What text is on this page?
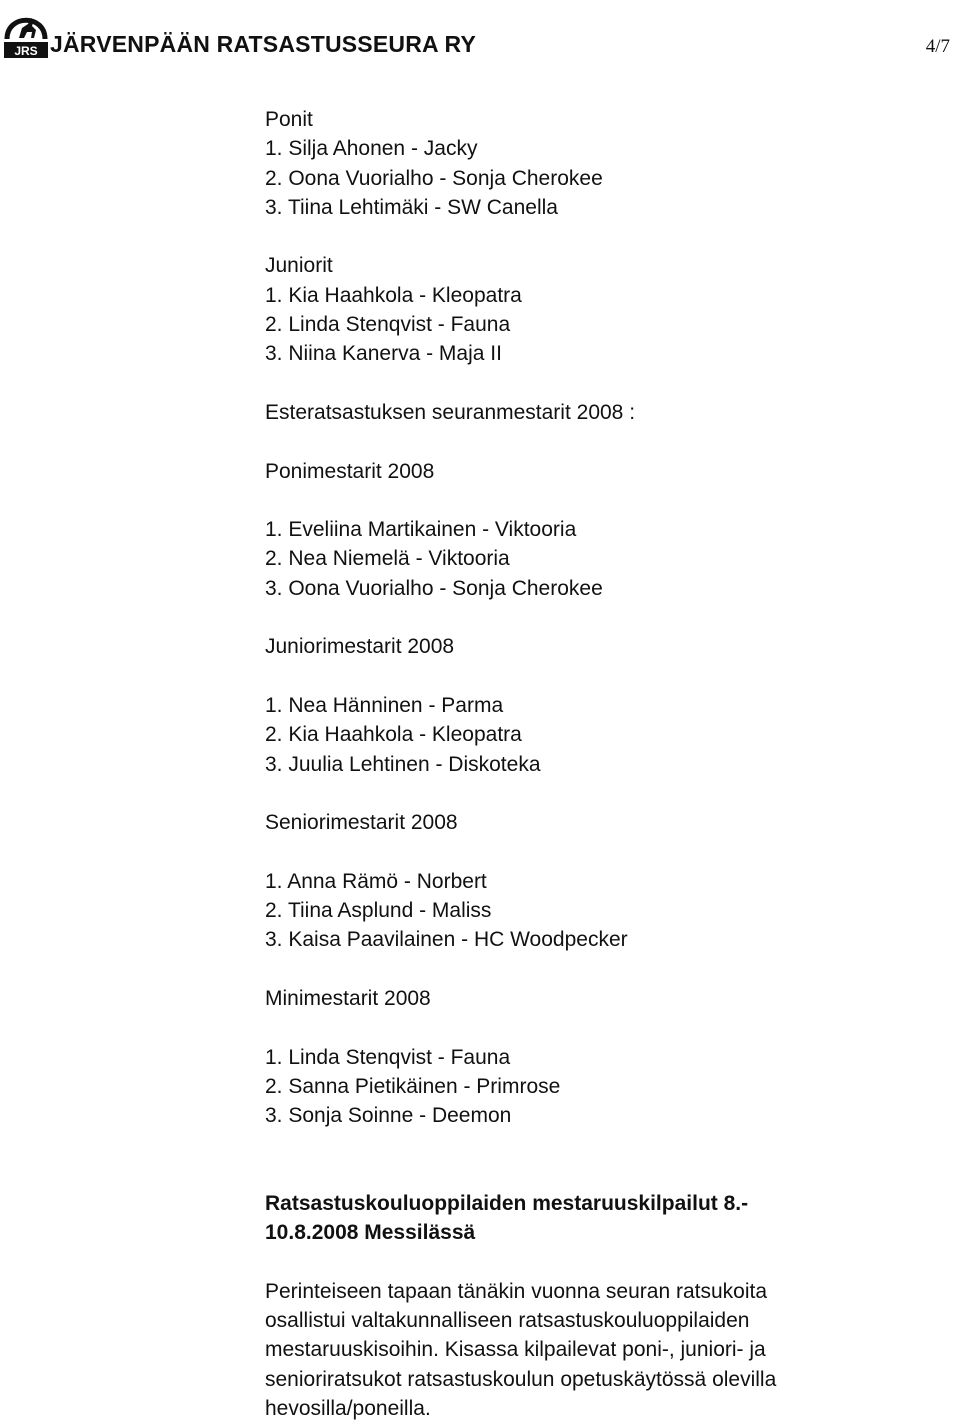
JRS JÄRVENPÄÄN RATSASTUSSEURA RY	4/7
Ponit
1. Silja Ahonen - Jacky
2. Oona Vuorialho - Sonja Cherokee
3. Tiina Lehtimäki - SW Canella
Juniorit
1. Kia Haahkola - Kleopatra
2. Linda Stenqvist - Fauna
3. Niina Kanerva - Maja II
Esteratsastuksen seuranmestarit 2008 :
Ponimestarit 2008
1. Eveliina Martikainen - Viktooria
2. Nea Niemelä - Viktooria
3. Oona Vuorialho - Sonja Cherokee
Juniorimestarit 2008
1. Nea Hänninen - Parma
2. Kia Haahkola - Kleopatra
3. Juulia Lehtinen - Diskoteka
Seniorimestarit 2008
1. Anna Rämö - Norbert
2. Tiina Asplund - Maliss
3. Kaisa Paavilainen - HC Woodpecker
Minimestarit 2008
1. Linda Stenqvist - Fauna
2. Sanna Pietikäinen - Primrose
3. Sonja Soinne - Deemon
Ratsastuskouluoppilaiden mestaruuskilpailut 8.-
10.8.2008 Messilässä
Perinteiseen tapaan tänäkin vuonna seuran ratsukoita
osallistui valtakunnalliseen ratsastuskouluoppilaiden
mestaruuskisoihin. Kisassa kilpailevat poni-, juniori- ja
senioriratsukot ratsastuskoulun opetuskäytössä olevilla
hevosilla/poneilla.
